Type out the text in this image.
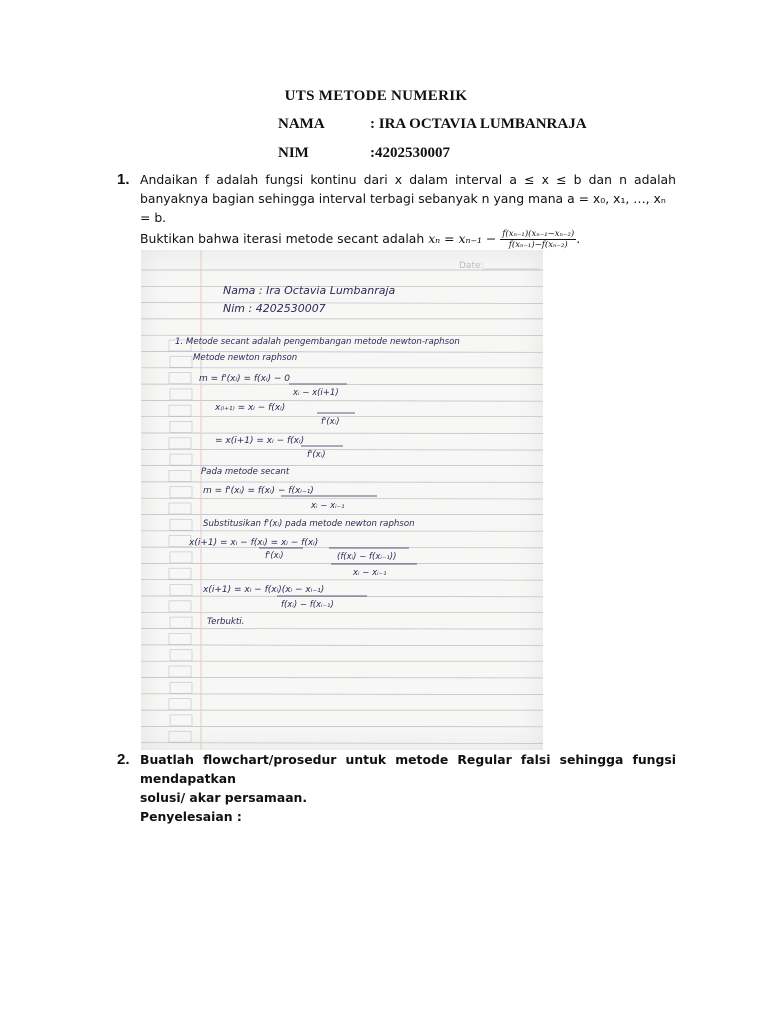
UTS METODE NUMERIK
NAMA	: IRA OCTAVIA LUMBANRAJA
NIM	:4202530007
1. Andaikan f adalah fungsi kontinu dari x dalam interval a ≤ x ≤ b dan n adalah
banyaknya bagian sehingga interval terbagi sebanyak n yang mana a = x₀, x₁, …, xₙ = b.
Buktikan bahwa iterasi metode secant adalah $x_n = x_{n-1} - \frac{\text{f(xₙ₋₁)(xₙ₋₁−xₙ₋₂)}}{\text{f(xₙ₋₁)−f(xₙ₋₂)}}$ .
Date:
Nama : Ira Octavia Lumbanraja
Nim : 4202530007
1. Metode secant adalah pengembangan metode newton-raphson
Metode newton raphson
m = f'(xᵢ) = f(xᵢ) − 0
xᵢ − x(i+1)
x₍ᵢ₊₁₎ = xᵢ − f(xᵢ)
f'(xᵢ)
= x(i+1) = xᵢ − f(xᵢ)
f'(xᵢ)
Pada metode secant
m = f'(xᵢ) = f(xᵢ) − f(xᵢ₋₁)
xᵢ − xᵢ₋₁
Substitusikan f'(xᵢ) pada metode newton raphson
x(i+1) = xᵢ − f(xᵢ) = xᵢ − f(xᵢ)
f'(xᵢ)	(f(xᵢ) − f(xᵢ₋₁))
xᵢ − xᵢ₋₁
x(i+1) = xᵢ − f(xᵢ)(xᵢ − xᵢ₋₁)
f(xᵢ) − f(xᵢ₋₁)
Terbukti.
2. Buatlah flowchart/prosedur untuk metode Regular falsi sehingga fungsi mendapatkan
solusi/ akar persamaan.
Penyelesaian :
